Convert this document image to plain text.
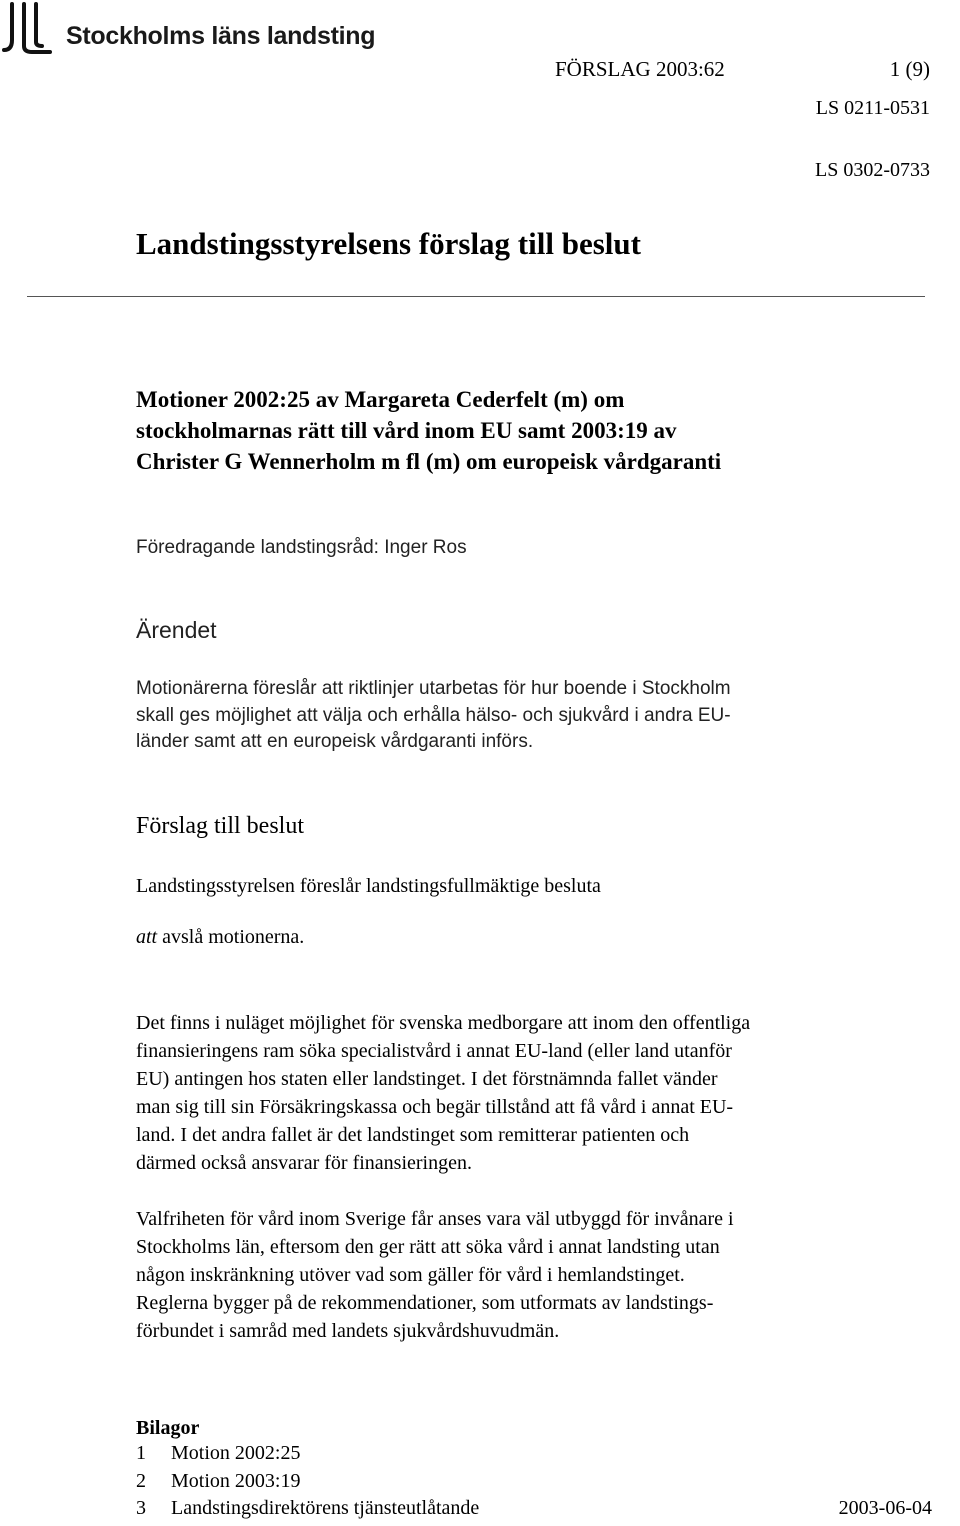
Stockholms läns landsting
FÖRSLAG 2003:62	1 (9)
LS 0211-0531
LS 0302-0733
Landstingsstyrelsens förslag till beslut
Motioner 2002:25 av Margareta Cederfelt (m) om
stockholmarnas rätt till vård inom EU samt 2003:19 av
Christer G Wennerholm m fl (m) om europeisk vårdgaranti
Föredragande landstingsråd: Inger Ros
Ärendet
Motionärerna föreslår att riktlinjer utarbetas för hur boende i Stockholm
skall ges möjlighet att välja och erhålla hälso- och sjukvård i andra EU-
länder samt att en europeisk vårdgaranti införs.
Förslag till beslut
Landstingsstyrelsen föreslår landstingsfullmäktige besluta
att avslå motionerna.
Det finns i nuläget möjlighet för svenska medborgare att inom den offentliga
finansieringens ram söka specialistvård i annat EU-land (eller land utanför
EU) antingen hos staten eller landstinget. I det förstnämnda fallet vänder
man sig till sin Försäkringskassa och begär tillstånd att få vård i annat EU-
land. I det andra fallet är det landstinget som remitterar patienten och
därmed också ansvarar för finansieringen.
Valfriheten för vård inom Sverige får anses vara väl utbyggd för invånare i
Stockholms län, eftersom den ger rätt att söka vård i annat landsting utan
någon inskränkning utöver vad som gäller för vård i hemlandstinget.
Reglerna bygger på de rekommendationer, som utformats av landstings-
förbundet i samråd med landets sjukvårdshuvudmän.
Bilagor
1 Motion 2002:25
2 Motion 2003:19
3 Landstingsdirektörens tjänsteutlåtande	2003-06-04
